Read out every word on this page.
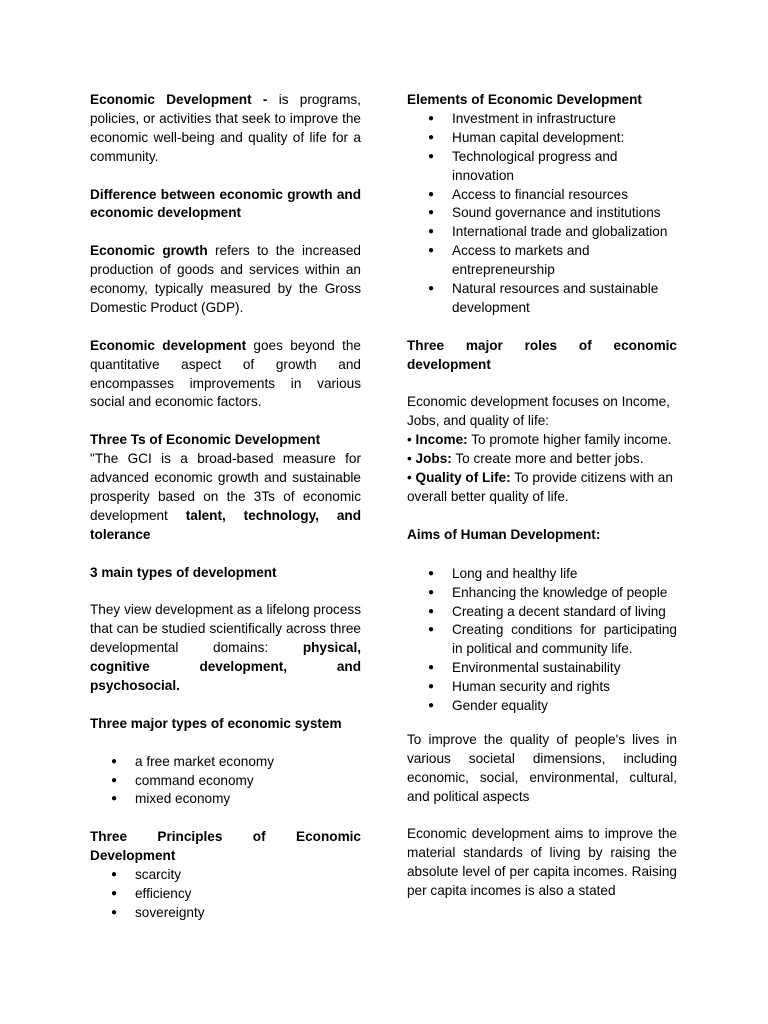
Economic Development - is programs, policies, or activities that seek to improve the economic well-being and quality of life for a community.

Difference between economic growth and economic development

Economic growth refers to the increased production of goods and services within an economy, typically measured by the Gross Domestic Product (GDP).

Economic development goes beyond the quantitative aspect of growth and encompasses improvements in various social and economic factors.

Three Ts of Economic Development

"The GCI is a broad-based measure for advanced economic growth and sustainable prosperity based on the 3Ts of economic development talent, technology, and tolerance

3 main types of development

They view development as a lifelong process that can be studied scientifically across three developmental domains:	physical, cognitive development, and psychosocial.

Three major types of economic system

● a free market economy
● command economy
● mixed economy

Three Principles of Economic Development

● scarcity
● efficiency
● sovereignty

Elements of Economic Development

● Investment in infrastructure
● Human capital development:
● Technological progress and innovation
● Access to financial resources
● Sound governance and institutions
● International trade and globalization
● Access to markets and entrepreneurship
● Natural resources and sustainable development

Three major roles of economic development

Economic development focuses on Income, Jobs, and quality of life:

• Income: To promote higher family income.

• Jobs: To create more and better jobs.

• Quality of Life: To provide citizens with an overall better quality of life.

Aims of Human Development:

● Long and healthy life
● Enhancing the knowledge of people
● Creating a decent standard of living
● Creating conditions for participating in political and community life.
● Environmental sustainability
● Human security and rights
● Gender equality

To improve the quality of people's lives in various societal dimensions, including economic, social, environmental, cultural, and political aspects

Economic development aims to improve the material standards of living by raising the absolute level of per capita incomes. Raising per capita incomes is also a stated
